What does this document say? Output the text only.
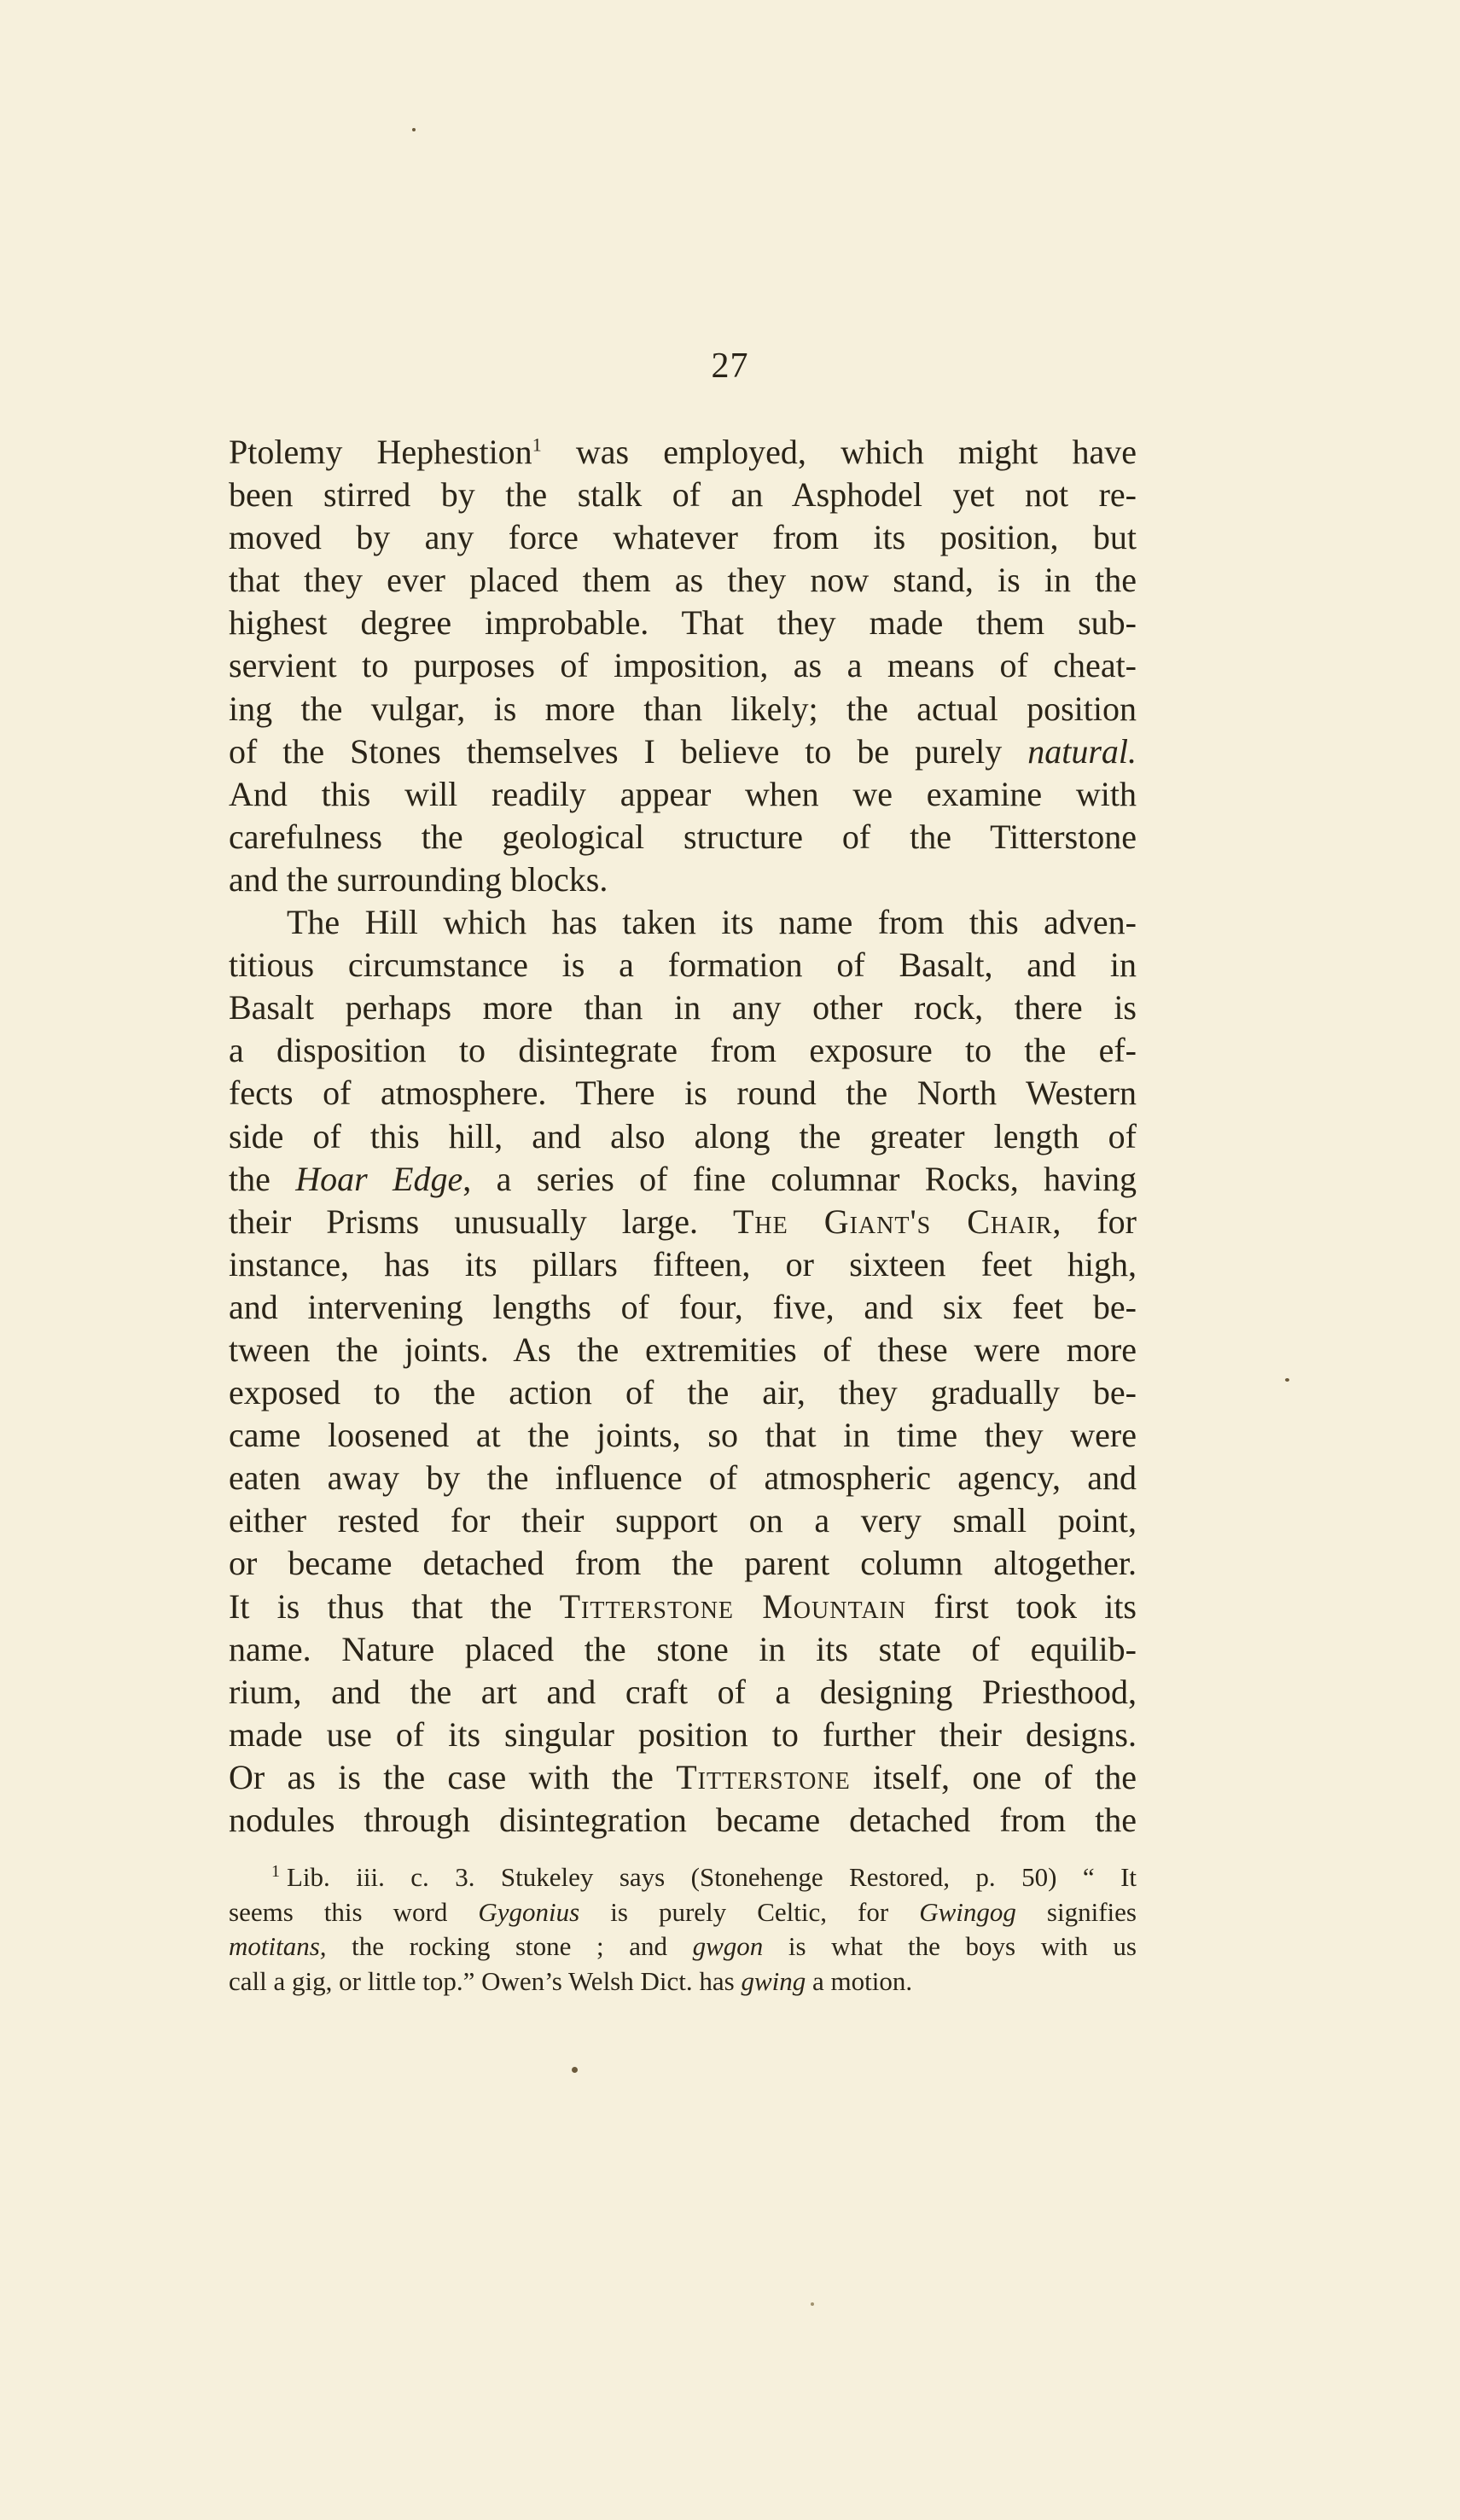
27
Ptolemy Hephestion$^1$ was employed, which might have
been stirred by the stalk of an Asphodel yet not re-
moved by any force whatever from its position, but
that they ever placed them as they now stand, is in the
highest degree improbable. That they made them sub-
servient to purposes of imposition, as a means of cheat-
ing the vulgar, is more than likely; the actual position
of the Stones themselves I believe to be purely natural.
And this will readily appear when we examine with
carefulness the geological structure of the Titterstone
and the surrounding blocks.
The Hill which has taken its name from this adven-
titious circumstance is a formation of Basalt, and in
Basalt perhaps more than in any other rock, there is
a disposition to disintegrate from exposure to the ef-
fects of atmosphere. There is round the North Western
side of this hill, and also along the greater length of
the Hoar Edge, a series of fine columnar Rocks, having
their Prisms unusually large. The Giant's Chair, for
instance, has its pillars fifteen, or sixteen feet high,
and intervening lengths of four, five, and six feet be-
tween the joints. As the extremities of these were more
exposed to the action of the air, they gradually be-
came loosened at the joints, so that in time they were
eaten away by the influence of atmospheric agency, and
either rested for their support on a very small point,
or became detached from the parent column altogether.
It is thus that the Titterstone Mountain first took its
name. Nature placed the stone in its state of equilib-
rium, and the art and craft of a designing Priesthood,
made use of its singular position to further their designs.
Or as is the case with the Titterstone itself, one of the
nodules through disintegration became detached from the
$^1$ Lib. iii. c. 3. Stukeley says (Stonehenge Restored, p. 50) “ It
seems this word Gygonius is purely Celtic, for Gwingog signifies
motitans, the rocking stone ; and gwgon is what the boys with us
call a gig, or little top.” Owen’s Welsh Dict. has gwing a motion.
